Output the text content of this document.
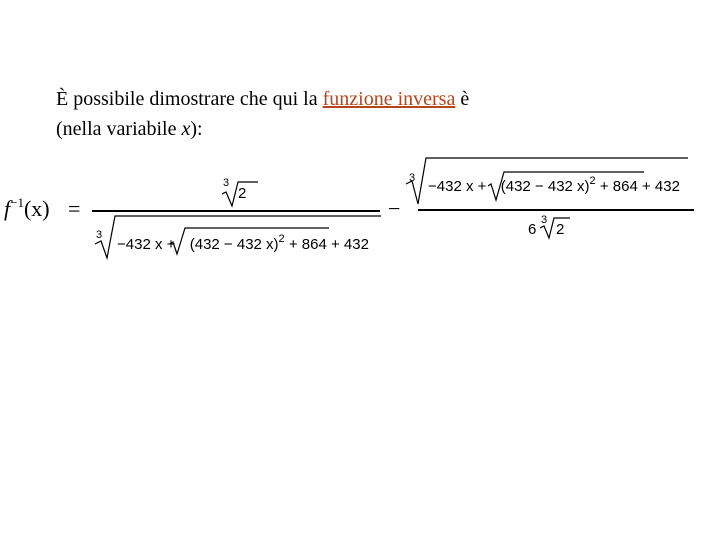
È possibile dimostrare che qui la funzione inversa è
(nella variabile x):
$f^{-1}(x)$ =
3
2
3
−432 x + (432 − 432 x)$^2$ + 864 + 432
−
3 −432 x + (432 − 432 x)$^2$ + 864 + 432
6
3
2
